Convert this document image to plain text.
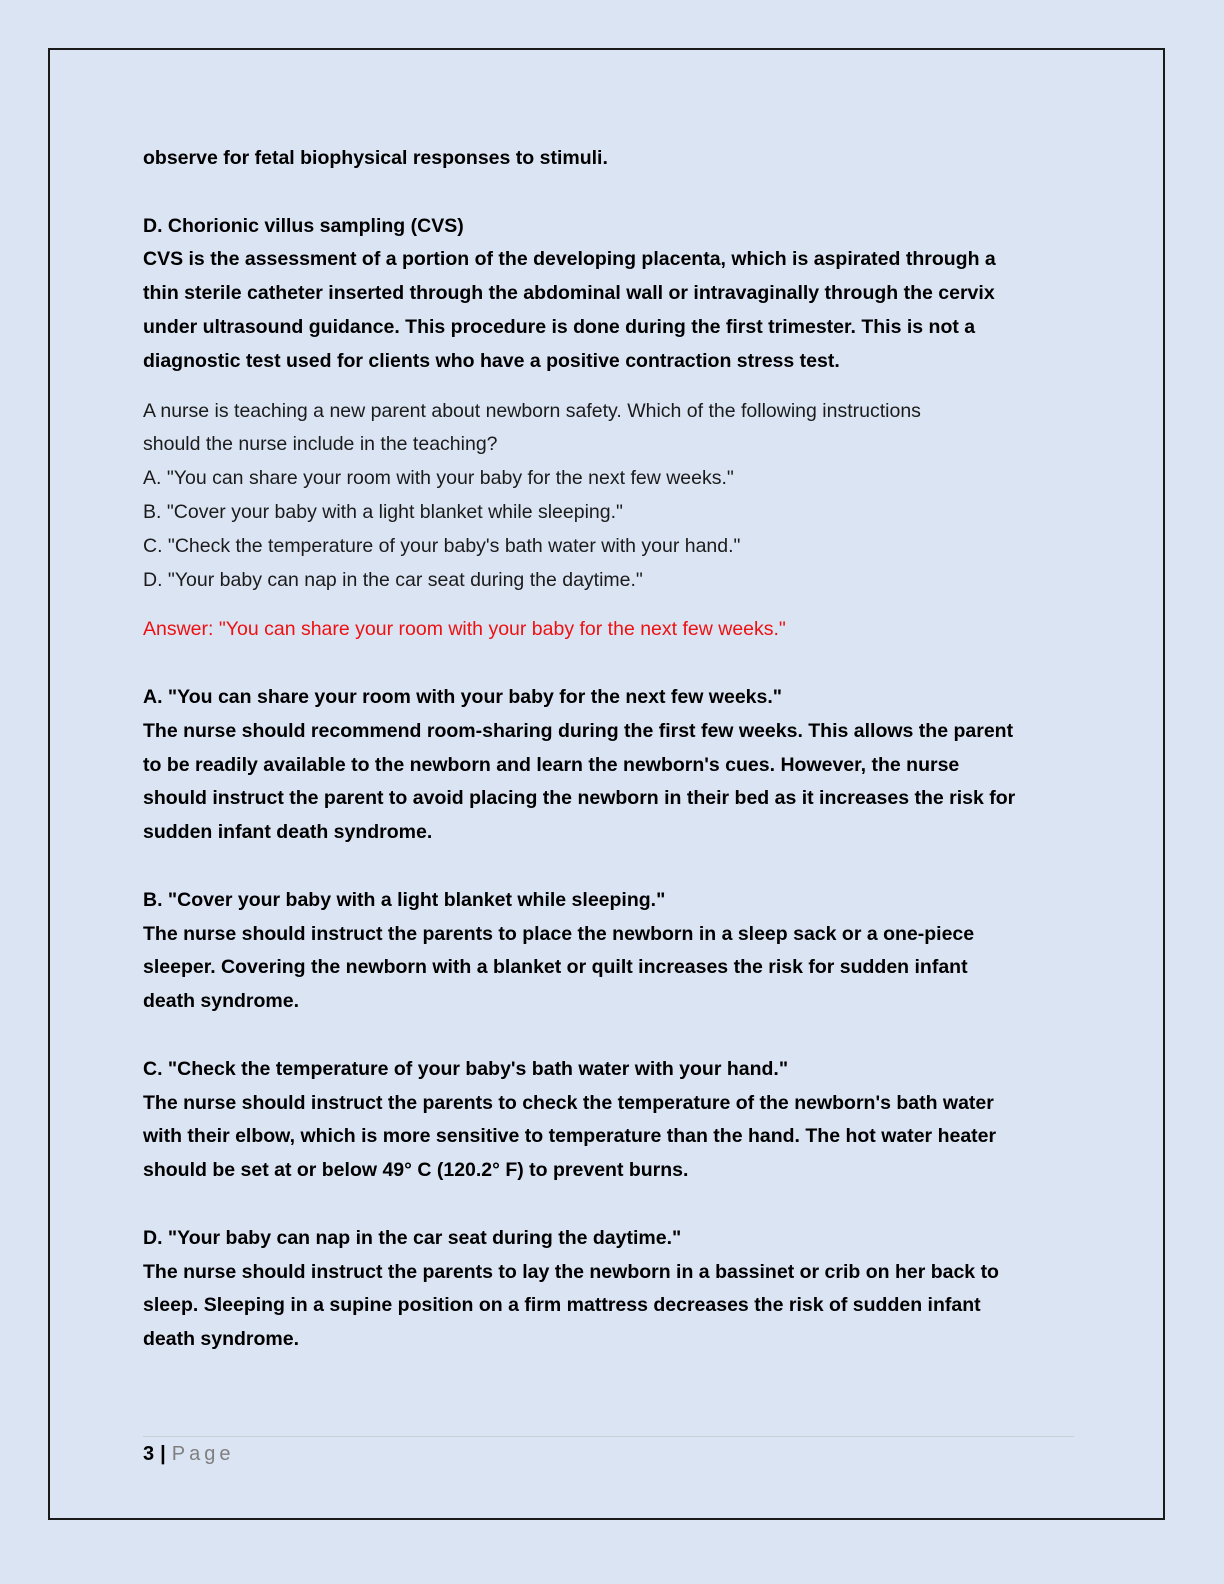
observe for fetal biophysical responses to stimuli.
D. Chorionic villus sampling (CVS)
CVS is the assessment of a portion of the developing placenta, which is aspirated through a
thin sterile catheter inserted through the abdominal wall or intravaginally through the cervix
under ultrasound guidance. This procedure is done during the first trimester. This is not a
diagnostic test used for clients who have a positive contraction stress test.
A nurse is teaching a new parent about newborn safety. Which of the following instructions
should the nurse include in the teaching?
A. "You can share your room with your baby for the next few weeks."
B. "Cover your baby with a light blanket while sleeping."
C. "Check the temperature of your baby's bath water with your hand."
D. "Your baby can nap in the car seat during the daytime."
Answer: "You can share your room with your baby for the next few weeks."
A. "You can share your room with your baby for the next few weeks."
The nurse should recommend room-sharing during the first few weeks. This allows the parent
to be readily available to the newborn and learn the newborn's cues. However, the nurse
should instruct the parent to avoid placing the newborn in their bed as it increases the risk for
sudden infant death syndrome.
B. "Cover your baby with a light blanket while sleeping."
The nurse should instruct the parents to place the newborn in a sleep sack or a one-piece
sleeper. Covering the newborn with a blanket or quilt increases the risk for sudden infant
death syndrome.
C. "Check the temperature of your baby's bath water with your hand."
The nurse should instruct the parents to check the temperature of the newborn's bath water
with their elbow, which is more sensitive to temperature than the hand. The hot water heater
should be set at or below 49° C (120.2° F) to prevent burns.
D. "Your baby can nap in the car seat during the daytime."
The nurse should instruct the parents to lay the newborn in a bassinet or crib on her back to
sleep. Sleeping in a supine position on a firm mattress decreases the risk of sudden infant
death syndrome.
3 | Page
